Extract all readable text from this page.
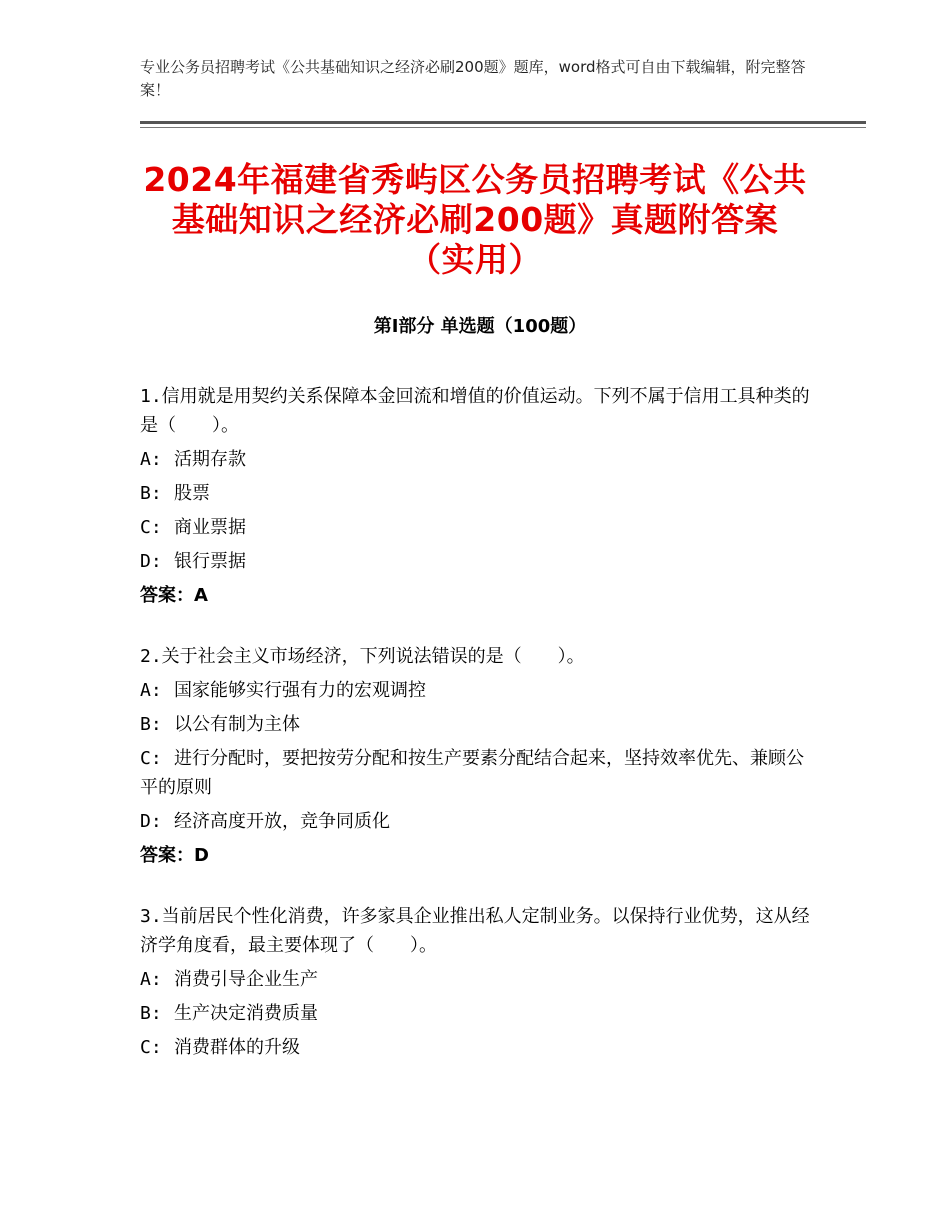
专业公务员招聘考试《公共基础知识之经济必刷200题》题库，word格式可自由下载编辑，附完整答案！
2024年福建省秀屿区公务员招聘考试《公共
基础知识之经济必刷200题》真题附答案
（实用）
第Ⅰ部分 单选题（100题）

1.信用就是用契约关系保障本金回流和增值的价值运动。下列不属于信用工具种类的是（　　）。

A: 活期存款
B: 股票
C: 商业票据
D: 银行票据
答案：A

2.关于社会主义市场经济，下列说法错误的是（　　）。

A: 国家能够实行强有力的宏观调控
B: 以公有制为主体
C: 进行分配时，要把按劳分配和按生产要素分配结合起来，坚持效率优先、兼顾公平的原则
D: 经济高度开放，竞争同质化
答案：D

3.当前居民个性化消费，许多家具企业推出私人定制业务。以保持行业优势，这从经济学角度看，最主要体现了（　　）。

A: 消费引导企业生产
B: 生产决定消费质量
C: 消费群体的升级
